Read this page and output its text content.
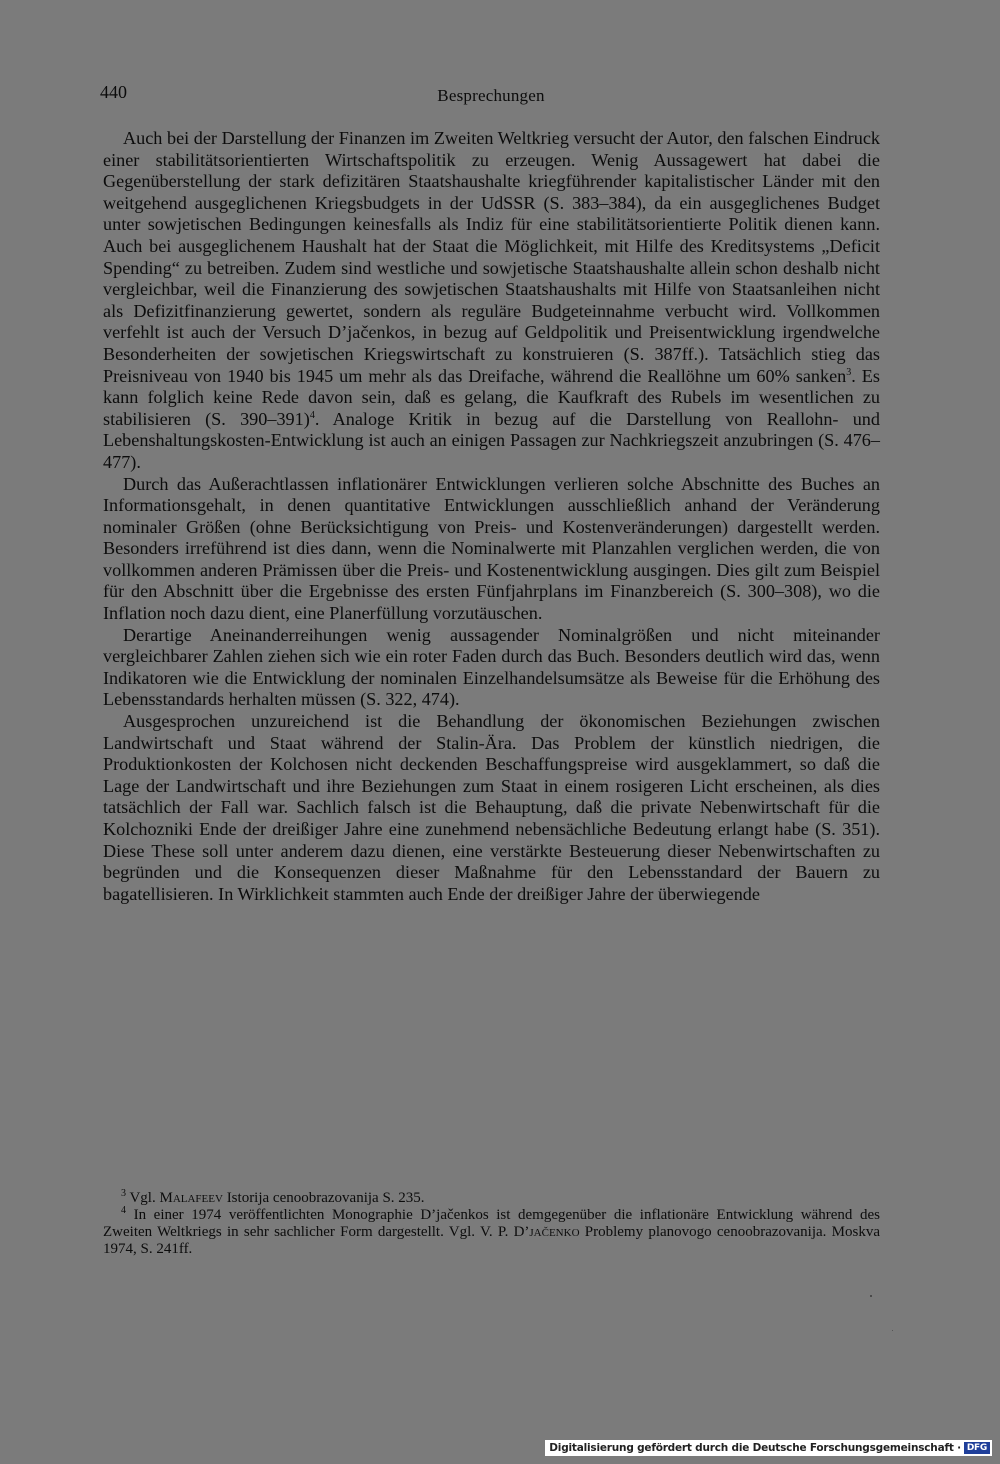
440	Besprechungen

Auch bei der Darstellung der Finanzen im Zweiten Weltkrieg versucht der Autor, den falschen Eindruck einer stabilitätsorientierten Wirtschaftspolitik zu erzeugen. Wenig Aussagewert hat dabei die Gegenüberstellung der stark defizitären Staatshaushalte kriegführender kapitalistischer Länder mit den weitgehend ausgeglichenen Kriegsbudgets in der UdSSR (S. 383–384), da ein ausgeglichenes Budget unter sowjetischen Bedingungen keinesfalls als Indiz für eine stabilitätsorientierte Politik dienen kann. Auch bei ausgeglichenem Haushalt hat der Staat die Möglichkeit, mit Hilfe des Kreditsystems „Deficit Spending“ zu betreiben. Zudem sind westliche und sowjetische Staatshaushalte allein schon deshalb nicht vergleichbar, weil die Finanzierung des sowjetischen Staatshaushalts mit Hilfe von Staatsanleihen nicht als Defizitfinanzierung gewertet, sondern als reguläre Budgeteinnahme verbucht wird. Vollkommen verfehlt ist auch der Versuch D’jačenkos, in bezug auf Geldpolitik und Preisentwicklung irgendwelche Besonderheiten der sowjetischen Kriegswirtschaft zu konstruieren (S. 387ff.). Tatsächlich stieg das Preisniveau von 1940 bis 1945 um mehr als das Dreifache, während die Reallöhne um 60% sanken$^3$. Es kann folglich keine Rede davon sein, daß es gelang, die Kaufkraft des Rubels im wesentlichen zu stabilisieren (S. 390–391)$^4$. Analoge Kritik in bezug auf die Darstellung von Reallohn- und Lebenshaltungskosten-Entwicklung ist auch an einigen Passagen zur Nachkriegszeit anzubringen (S. 476–477).

Durch das Außerachtlassen inflationärer Entwicklungen verlieren solche Abschnitte des Buches an Informationsgehalt, in denen quantitative Entwicklungen ausschließlich anhand der Veränderung nominaler Größen (ohne Berücksichtigung von Preis- und Kostenveränderungen) dargestellt werden. Besonders irreführend ist dies dann, wenn die Nominalwerte mit Planzahlen verglichen werden, die von vollkommen anderen Prämissen über die Preis- und Kostenentwicklung ausgingen. Dies gilt zum Beispiel für den Abschnitt über die Ergebnisse des ersten Fünfjahrplans im Finanzbereich (S. 300–308), wo die Inflation noch dazu dient, eine Planerfüllung vorzutäuschen.

Derartige Aneinanderreihungen wenig aussagender Nominalgrößen und nicht miteinander vergleichbarer Zahlen ziehen sich wie ein roter Faden durch das Buch. Besonders deutlich wird das, wenn Indikatoren wie die Entwicklung der nominalen Einzelhandelsumsätze als Beweise für die Erhöhung des Lebensstandards herhalten müssen (S. 322, 474).

Ausgesprochen unzureichend ist die Behandlung der ökonomischen Beziehungen zwischen Landwirtschaft und Staat während der Stalin-Ära. Das Problem der künstlich niedrigen, die Produktionkosten der Kolchosen nicht deckenden Beschaffungspreise wird ausgeklammert, so daß die Lage der Landwirtschaft und ihre Beziehungen zum Staat in einem rosigeren Licht erscheinen, als dies tatsächlich der Fall war. Sachlich falsch ist die Behauptung, daß die private Nebenwirtschaft für die Kolchozniki Ende der dreißiger Jahre eine zunehmend nebensächliche Bedeutung erlangt habe (S. 351). Diese These soll unter anderem dazu dienen, eine verstärkte Besteuerung dieser Nebenwirtschaften zu begründen und die Konsequenzen dieser Maßnahme für den Lebensstandard der Bauern zu bagatellisieren. In Wirklichkeit stammten auch Ende der dreißiger Jahre der überwiegende

$^3$ Vgl. Malafeev Istorija cenoobrazovanija S. 235.

$^4$ In einer 1974 veröffentlichten Monographie D’jačenkos ist demgegenüber die inflationäre Entwicklung während des Zweiten Weltkriegs in sehr sachlicher Form dargestellt. Vgl. V. P. D’jačenko Problemy planovogo cenoobrazovanija. Moskva 1974, S. 241ff.

Digitalisierung gefördert durch die Deutsche Forschungsgemeinschaft · DFG
